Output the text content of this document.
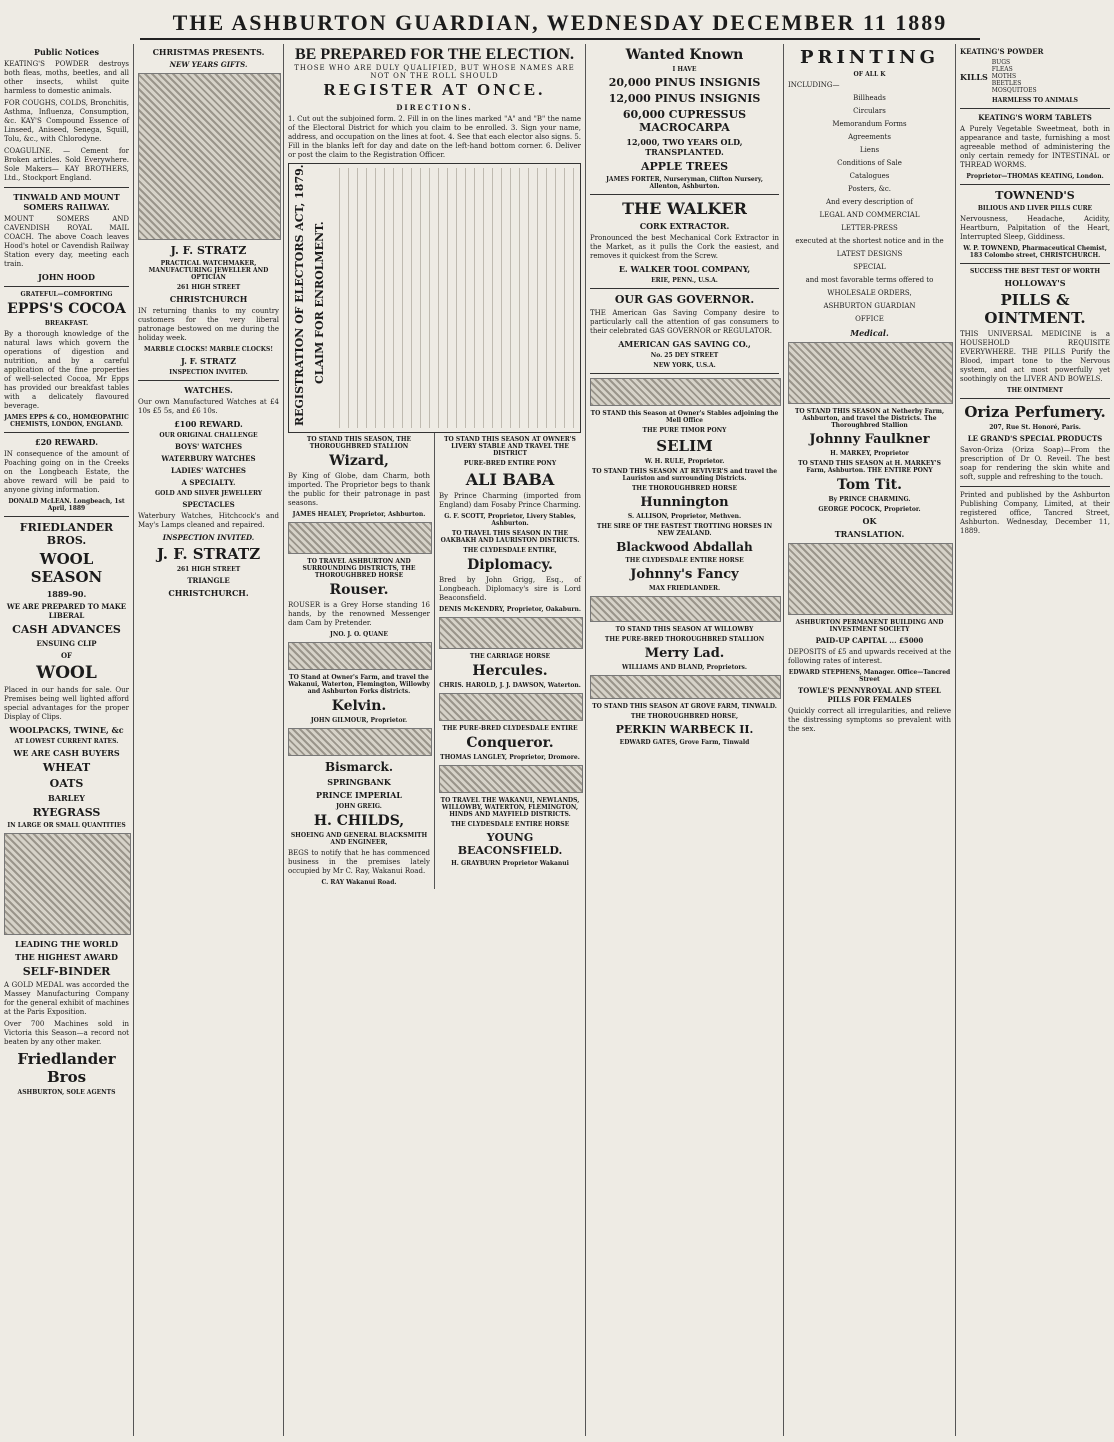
THE ASHBURTON GUARDIAN, WEDNESDAY DECEMBER 11 1889
Public Notices

KEATING'S POWDER destroys both fleas, moths, beetles, and all other insects, whilst quite harmless to domestic animals.

FOR COUGHS, COLDS, Bronchitis, Asthma, Influenza, Consumption, &c. KAY'S Compound Essence of Linseed, Aniseed, Senega, Squill, Tolu, &c., with Chlorodyne.

COAGULINE. — Cement for Broken articles. Sold Everywhere. Sole Makers— KAY BROTHERS, Ltd., Stockport England.

TINWALD AND MOUNT SOMERS RAILWAY.

MOUNT SOMERS AND CAVENDISH ROYAL MAIL COACH. The above Coach leaves Hood's hotel or Cavendish Railway Station every day, meeting each train.

JOHN HOOD
GRATEFUL—COMFORTING
EPPS'S COCOA
BREAKFAST.

By a thorough knowledge of the natural laws which govern the operations of digestion and nutrition, and by a careful application of the fine properties of well-selected Cocoa, Mr Epps has provided our breakfast tables with a delicately flavoured beverage.

JAMES EPPS & CO., HOMŒOPATHIC CHEMISTS, LONDON, ENGLAND.
£20 REWARD.

IN consequence of the amount of Poaching going on in the Creeks on the Longbeach Estate, the above reward will be paid to anyone giving information.

DONALD McLEAN. Longbeach, 1st April, 1889
FRIEDLANDER BROS.
WOOL SEASON
1889-90.
WE ARE PREPARED TO MAKE LIBERAL
CASH ADVANCES
ENSUING CLIP
OF
WOOL

Placed in our hands for sale. Our Premises being well lighted afford special advantages for the proper Display of Clips.

WOOLPACKS, TWINE, &c
AT LOWEST CURRENT RATES.
WE ARE CASH BUYERS
WHEAT
OATS
BARLEY
RYEGRASS
IN LARGE OR SMALL QUANTITIES
LEADING THE WORLD
THE HIGHEST AWARD
SELF-BINDER

A GOLD MEDAL was accorded the Massey Manufacturing Company for the general exhibit of machines at the Paris Exposition.

Over 700 Machines sold in Victoria this Season—a record not beaten by any other maker.

Friedlander Bros
ASHBURTON, SOLE AGENTS
CHRISTMAS PRESENTS.
NEW YEARS GIFTS.
J. F. STRATZ
PRACTICAL WATCHMAKER, MANUFACTURING JEWELLER AND OPTICIAN
261 HIGH STREET
CHRISTCHURCH

IN returning thanks to my country customers for the very liberal patronage bestowed on me during the holiday week.

MARBLE CLOCKS! MARBLE CLOCKS!
J. F. STRATZ
INSPECTION INVITED.
WATCHES.

Our own Manufactured Watches at £4 10s £5 5s, and £6 10s.

£100 REWARD.
OUR ORIGINAL CHALLENGE
BOYS' WATCHES
WATERBURY WATCHES
LADIES' WATCHES
A SPECIALTY.
GOLD AND SILVER JEWELLERY
SPECTACLES

Waterbury Watches, Hitchcock's and May's Lamps cleaned and repaired.

INSPECTION INVITED.
J. F. STRATZ
261 HIGH STREET
TRIANGLE
CHRISTCHURCH.
BE PREPARED FOR THE ELECTION.
THOSE WHO ARE DULY QUALIFIED, BUT WHOSE NAMES ARE NOT ON THE ROLL SHOULD
REGISTER AT ONCE.
DIRECTIONS.

1. Cut out the subjoined form. 2. Fill in on the lines marked "A" and "B" the name of the Electoral District for which you claim to be enrolled. 3. Sign your name, address, and occupation on the lines at foot. 4. See that each elector also signs. 5. Fill in the blanks left for day and date on the left-hand bottom corner. 6. Deliver or post the claim to the Registration Officer.

REGISTRATION OF ELECTORS ACT, 1879. CLAIM FOR ENROLMENT.
TO STAND THIS SEASON, THE THOROUGHBRED STALLION
Wizard,

By King of Globe, dam Charm, both imported. The Proprietor begs to thank the public for their patronage in past seasons.

JAMES HEALEY, Proprietor, Ashburton.
TO TRAVEL ASHBURTON AND SURROUNDING DISTRICTS, THE THOROUGHBRED HORSE
Rouser.

ROUSER is a Grey Horse standing 16 hands, by the renowned Messenger dam Cam by Pretender.

JNO. J. O. QUANE
TO Stand at Owner's Farm, and travel the Wakanui, Waterton, Flemington, Willowby and Ashburton Forks districts.
Kelvin.
JOHN GILMOUR, Proprietor.
Bismarck.
SPRINGBANK
PRINCE IMPERIAL
JOHN GREIG.
H. CHILDS,
SHOEING AND GENERAL BLACKSMITH AND ENGINEER,

BEGS to notify that he has commenced business in the premises lately occupied by Mr C. Ray, Wakanui Road.

C. RAY Wakanui Road.
TO STAND THIS SEASON AT OWNER'S LIVERY STABLE AND TRAVEL THE DISTRICT
PURE-BRED ENTIRE PONY
ALI BABA

By Prince Charming (imported from England) dam Fosaby Prince Charming.

G. F. SCOTT, Proprietor, Livery Stables, Ashburton.
TO TRAVEL THIS SEASON IN THE OAKBAKH AND LAURISTON DISTRICTS.
THE CLYDESDALE ENTIRE,
Diplomacy.

Bred by John Grigg, Esq., of Longbeach. Diplomacy's sire is Lord Beaconsfield.

DENIS McKENDRY, Proprietor, Oakaburn.
THE CARRIAGE HORSE
Hercules.
CHRIS. HAROLD, J. J. DAWSON, Waterton.
THE PURE-BRED CLYDESDALE ENTIRE
Conqueror.
THOMAS LANGLEY, Proprietor, Dromore.
TO TRAVEL THE WAKANUI, NEWLANDS, WILLOWBY, WATERTON, FLEMINGTON, HINDS AND MAYFIELD DISTRICTS.
THE CLYDESDALE ENTIRE HORSE
YOUNG BEACONSFIELD.
H. GRAYBURN Proprietor Wakanui
Wanted Known
I HAVE
20,000 PINUS INSIGNIS
12,000 PINUS INSIGNIS
60,000 CUPRESSUS MACROCARPA
12,000, TWO YEARS OLD, TRANSPLANTED.
APPLE TREES
JAMES FORTER, Nurseryman, Clifton Nursery, Allenton, Ashburton.
THE WALKER
CORK EXTRACTOR.

Pronounced the best Mechanical Cork Extractor in the Market, as it pulls the Cork the easiest, and removes it quickest from the Screw.

E. WALKER TOOL COMPANY,
ERIE, PENN., U.S.A.
OUR GAS GOVERNOR.

THE American Gas Saving Company desire to particularly call the attention of gas consumers to their celebrated GAS GOVERNOR or REGULATOR.

AMERICAN GAS SAVING CO.,
No. 25 DEY STREET
NEW YORK, U.S.A.
TO STAND this Season at Owner's Stables adjoining the Mell Office
THE PURE TIMOR PONY
SELIM
W. H. RULE, Proprietor.
TO STAND THIS SEASON AT REVIVER'S and travel the Lauriston and surrounding Districts.
THE THOROUGHBRED HORSE
Hunnington
S. ALLISON, Proprietor, Methven.
THE SIRE OF THE FASTEST TROTTING HORSES IN NEW ZEALAND.
Blackwood Abdallah
THE CLYDESDALE ENTIRE HORSE
Johnny's Fancy
MAX FRIEDLANDER.
TO STAND THIS SEASON AT WILLOWBY
THE PURE-BRED THOROUGHBRED STALLION
Merry Lad.
WILLIAMS AND BLAND, Proprietors.
TO STAND THIS SEASON AT GROVE FARM, TINWALD.
THE THOROUGHBRED HORSE,
PERKIN WARBECK II.
EDWARD GATES, Grove Farm, Tinwald
PRINTING
OF ALL K
INCLUDING—
Billheads
Circulars
Memorandum Forms
Agreements
Liens
Conditions of Sale
Catalogues
Posters, &c.
And every description of
LEGAL AND COMMERCIAL
LETTER-PRESS
executed at the shortest notice and in the
LATEST DESIGNS
SPECIAL
and most favorable terms offered to
WHOLESALE ORDERS,
ASHBURTON GUARDIAN
OFFICE
Medical.
TO STAND THIS SEASON at Netherby Farm, Ashburton, and travel the Districts. The Thoroughbred Stallion
Johnny Faulkner
H. MARKEY, Proprietor
TO STAND THIS SEASON at H. MARKEY'S Farm, Ashburton. THE ENTIRE PONY
Tom Tit.
By PRINCE CHARMING.
GEORGE POCOCK, Proprietor.
OK
TRANSLATION.
ASHBURTON PERMANENT BUILDING AND INVESTMENT SOCIETY
PAID-UP CAPITAL ... £5000

DEPOSITS of £5 and upwards received at the following rates of interest.

EDWARD STEPHENS, Manager. Office—Tancred Street
TOWLE'S PENNYROYAL AND STEEL PILLS FOR FEMALES

Quickly correct all irregularities, and relieve the distressing symptoms so prevalent with the sex.

KEATING'S POWDER
KILLS
BUGS
FLEAS
MOTHS
BEETLES
MOSQUITOES
HARMLESS TO ANIMALS
KEATING'S WORM TABLETS

A Purely Vegetable Sweetmeat, both in appearance and taste, furnishing a most agreeable method of administering the only certain remedy for INTESTINAL or THREAD WORMS.

Proprietor—THOMAS KEATING, London.
TOWNEND'S
BILIOUS AND LIVER PILLS CURE

Nervousness, Headache, Acidity, Heartburn, Palpitation of the Heart, Interrupted Sleep, Giddiness.

W. P. TOWNEND, Pharmaceutical Chemist, 183 Colombo street, CHRISTCHURCH.
SUCCESS THE BEST TEST OF WORTH
HOLLOWAY'S
PILLS & OINTMENT.

THIS UNIVERSAL MEDICINE is a HOUSEHOLD REQUISITE EVERYWHERE. THE PILLS Purify the Blood, impart tone to the Nervous system, and act most powerfully yet soothingly on the LIVER AND BOWELS.

THE OINTMENT
Oriza Perfumery.
207, Rue St. Honoré, Paris.
LE GRAND'S SPECIAL PRODUCTS

Savon-Oriza (Oriza Soap)—From the prescription of Dr O. Reveil. The best soap for rendering the skin white and soft, supple and refreshing to the touch.

Printed and published by the Ashburton Publishing Company, Limited, at their registered office, Tancred Street, Ashburton. Wednesday, December 11, 1889.
